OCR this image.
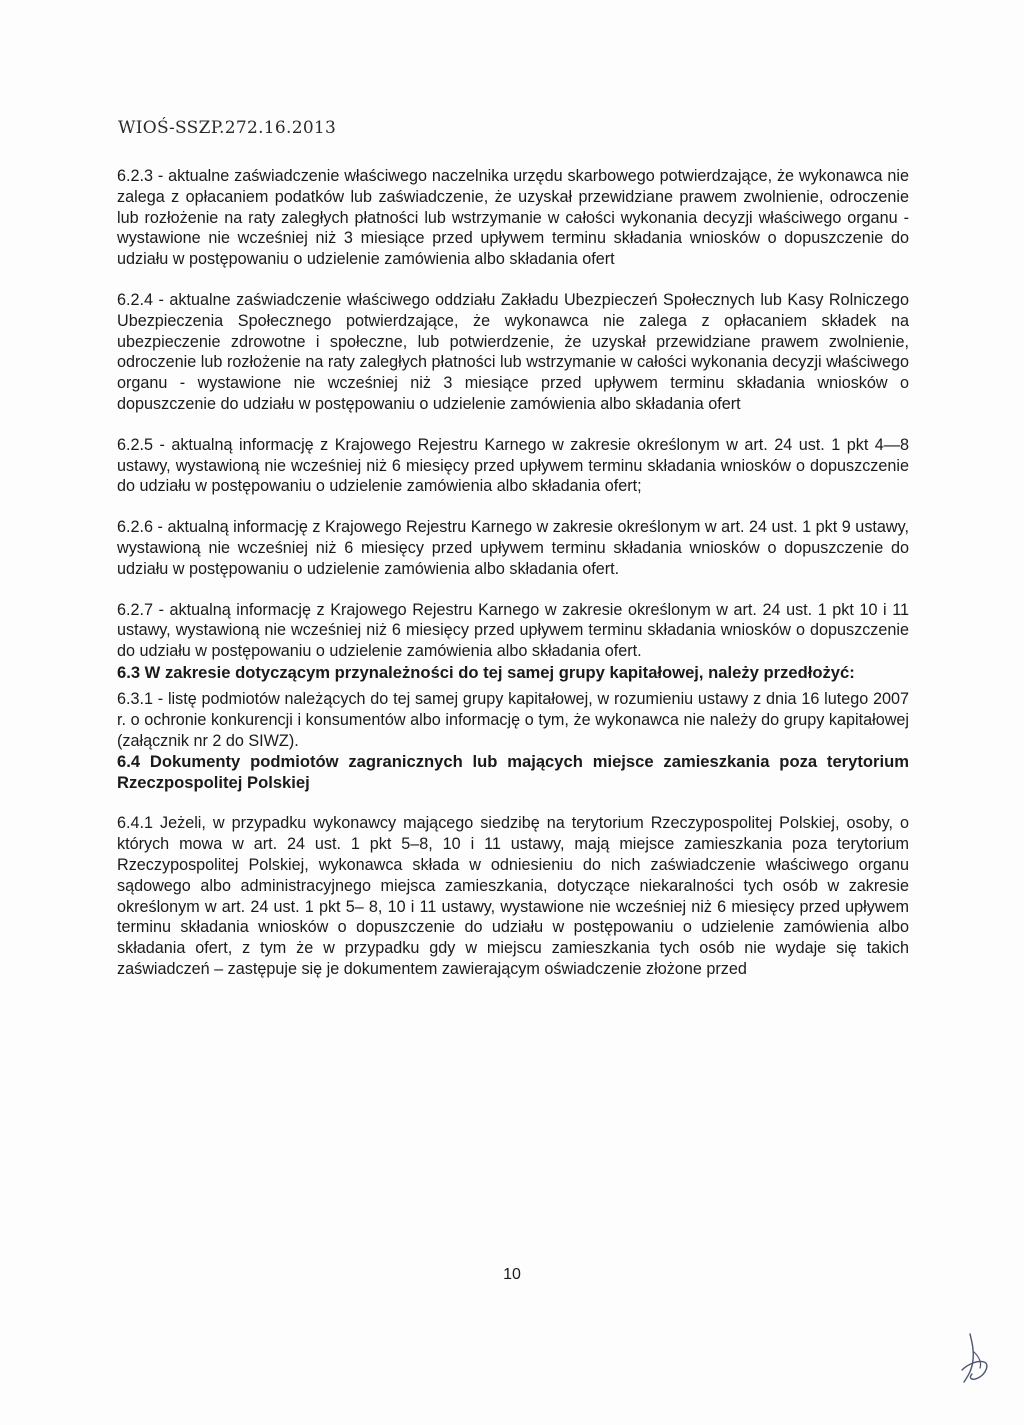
WIOŚ-SSZP.272.16.2013

6.2.3 - aktualne zaświadczenie właściwego naczelnika urzędu skarbowego potwierdzające, że wykonawca nie zalega z opłacaniem podatków lub zaświadczenie, że uzyskał przewidziane prawem zwolnienie, odroczenie lub rozłożenie na raty zaległych płatności lub wstrzymanie w całości wykonania decyzji właściwego organu - wystawione nie wcześniej niż 3 miesiące przed upływem terminu składania wniosków o dopuszczenie do udziału w postępowaniu o udzielenie zamówienia albo składania ofert

6.2.4 - aktualne zaświadczenie właściwego oddziału Zakładu Ubezpieczeń Społecznych lub Kasy Rolniczego Ubezpieczenia Społecznego potwierdzające, że wykonawca nie zalega z opłacaniem składek na ubezpieczenie zdrowotne i społeczne, lub potwierdzenie, że uzyskał przewidziane prawem zwolnienie, odroczenie lub rozłożenie na raty zaległych płatności lub wstrzymanie w całości wykonania decyzji właściwego organu - wystawione nie wcześniej niż 3 miesiące przed upływem terminu składania wniosków o dopuszczenie do udziału w postępowaniu o udzielenie zamówienia albo składania ofert

6.2.5 - aktualną informację z Krajowego Rejestru Karnego w zakresie określonym w art. 24 ust. 1 pkt 4—8 ustawy, wystawioną nie wcześniej niż 6 miesięcy przed upływem terminu składania wniosków o dopuszczenie do udziału w postępowaniu o udzielenie zamówienia albo składania ofert;

6.2.6 - aktualną informację z Krajowego Rejestru Karnego w zakresie określonym w art. 24 ust. 1 pkt 9 ustawy, wystawioną nie wcześniej niż 6 miesięcy przed upływem terminu składania wniosków o dopuszczenie do udziału w postępowaniu o udzielenie zamówienia albo składania ofert.

6.2.7 - aktualną informację z Krajowego Rejestru Karnego w zakresie określonym w art. 24 ust. 1 pkt 10 i 11 ustawy, wystawioną nie wcześniej niż 6 miesięcy przed upływem terminu składania wniosków o dopuszczenie do udziału w postępowaniu o udzielenie zamówienia albo składania ofert.

6.3 W zakresie dotyczącym przynależności do tej samej grupy kapitałowej, należy przedłożyć:

6.3.1 - listę podmiotów należących do tej samej grupy kapitałowej, w rozumieniu ustawy z dnia 16 lutego 2007 r. o ochronie konkurencji i konsumentów albo informację o tym, że wykonawca nie należy do grupy kapitałowej (załącznik nr 2 do SIWZ).

6.4 Dokumenty podmiotów zagranicznych lub mających miejsce zamieszkania poza terytorium Rzeczpospolitej Polskiej

6.4.1 Jeżeli, w przypadku wykonawcy mającego siedzibę na terytorium Rzeczypospolitej Polskiej, osoby, o których mowa w art. 24 ust. 1 pkt 5–8, 10 i 11 ustawy, mają miejsce zamieszkania poza terytorium Rzeczypospolitej Polskiej, wykonawca składa w odniesieniu do nich zaświadczenie właściwego organu sądowego albo administracyjnego miejsca zamieszkania, dotyczące niekaralności tych osób w zakresie określonym w art. 24 ust. 1 pkt 5– 8, 10 i 11 ustawy, wystawione nie wcześniej niż 6 miesięcy przed upływem terminu składania wniosków o dopuszczenie do udziału w postępowaniu o udzielenie zamówienia albo składania ofert, z tym że w przypadku gdy w miejscu zamieszkania tych osób nie wydaje się takich zaświadczeń – zastępuje się je dokumentem zawierającym oświadczenie złożone przed

10
